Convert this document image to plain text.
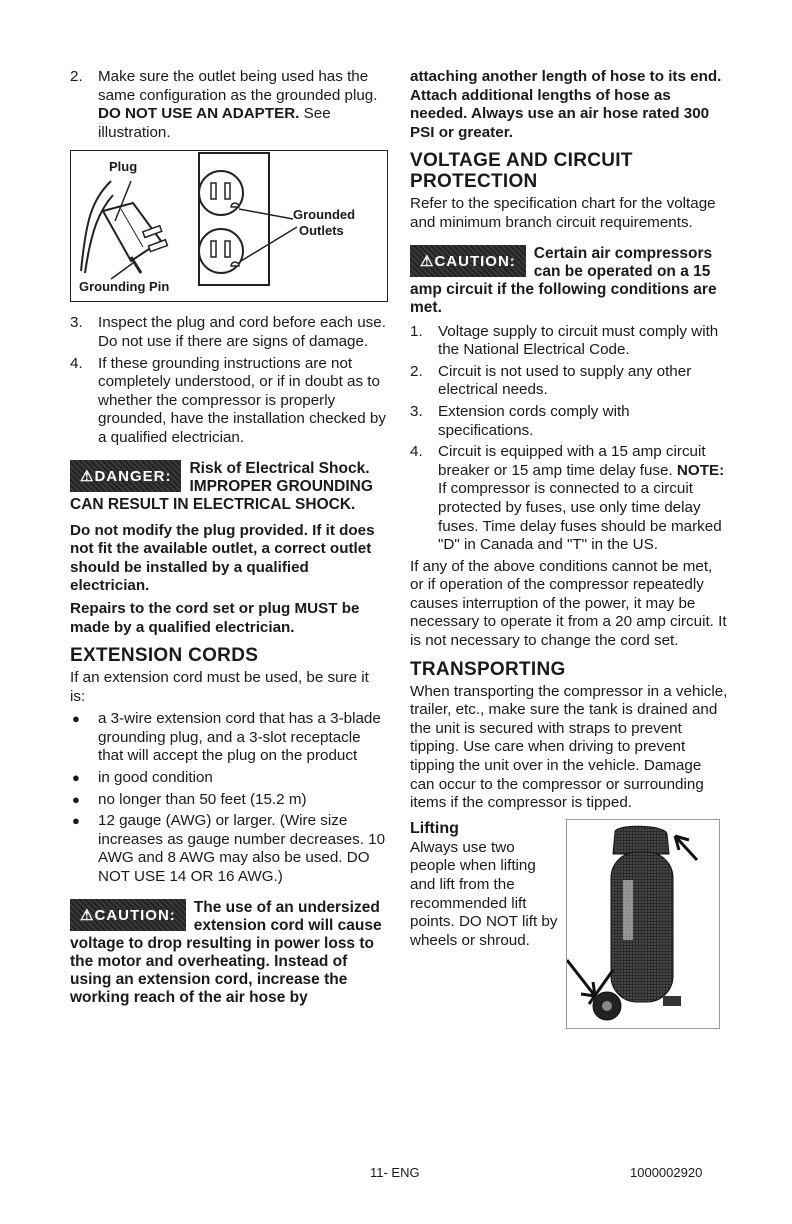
2. Make sure the outlet being used has the same configuration as the grounded plug. DO NOT USE AN ADAPTER. See illustration.
Plug
Grounded
Outlets
Grounding Pin
3. Inspect the plug and cord before each use. Do not use if there are signs of damage.
4. If these grounding instructions are not completely understood, or if in doubt as to whether the compressor is properly grounded, have the installation checked by a qualified electrician.
⚠DANGER:	Risk of Electrical Shock. IMPROPER GROUNDING CAN RESULT IN ELECTRICAL SHOCK.

Do not modify the plug provided. If it does not fit the available outlet, a correct outlet should be installed by a qualified electrician.

Repairs to the cord set or plug MUST be made by a qualified electrician.

EXTENSION CORDS

If an extension cord must be used, be sure it is:

● a 3-wire extension cord that has a 3-blade grounding plug, and a 3-slot receptacle that will accept the plug on the product
● in good condition
● no longer than 50 feet (15.2 m)
● 12 gauge (AWG) or larger. (Wire size increases as gauge number decreases. 10 AWG and 8 AWG may also be used. DO NOT USE 14 OR 16 AWG.)
⚠CAUTION:	The use of an undersized extension cord will cause voltage to drop resulting in power loss to the motor and overheating. Instead of using an extension cord, increase the working reach of the air hose by

attaching another length of hose to its end. Attach additional lengths of hose as needed. Always use an air hose rated 300 PSI or greater.

VOLTAGE AND CIRCUIT PROTECTION

Refer to the specification chart for the voltage and minimum branch circuit requirements.

⚠CAUTION:	Certain air compressors can be operated on a 15 amp circuit if the following conditions are met.
1. Voltage supply to circuit must comply with the National Electrical Code.
2. Circuit is not used to supply any other electrical needs.
3. Extension cords comply with specifications.
4. Circuit is equipped with a 15 amp circuit breaker or 15 amp time delay fuse. NOTE: If compressor is connected to a circuit protected by fuses, use only time delay fuses. Time delay fuses should be marked "D" in Canada and "T" in the US.

If any of the above conditions cannot be met, or if operation of the compressor repeatedly causes interruption of the power, it may be necessary to operate it from a 20 amp circuit. It is not necessary to change the cord set.

TRANSPORTING

When transporting the compressor in a vehicle, trailer, etc., make sure the tank is drained and the unit is secured with straps to prevent tipping. Use care when driving to prevent tipping the unit over in the vehicle. Damage can occur to the compressor or surrounding items if the compressor is tipped.

Lifting

Always use two people when lifting and lift from the recommended lift points. DO NOT lift by wheels or shroud.

11- ENG	1000002920
